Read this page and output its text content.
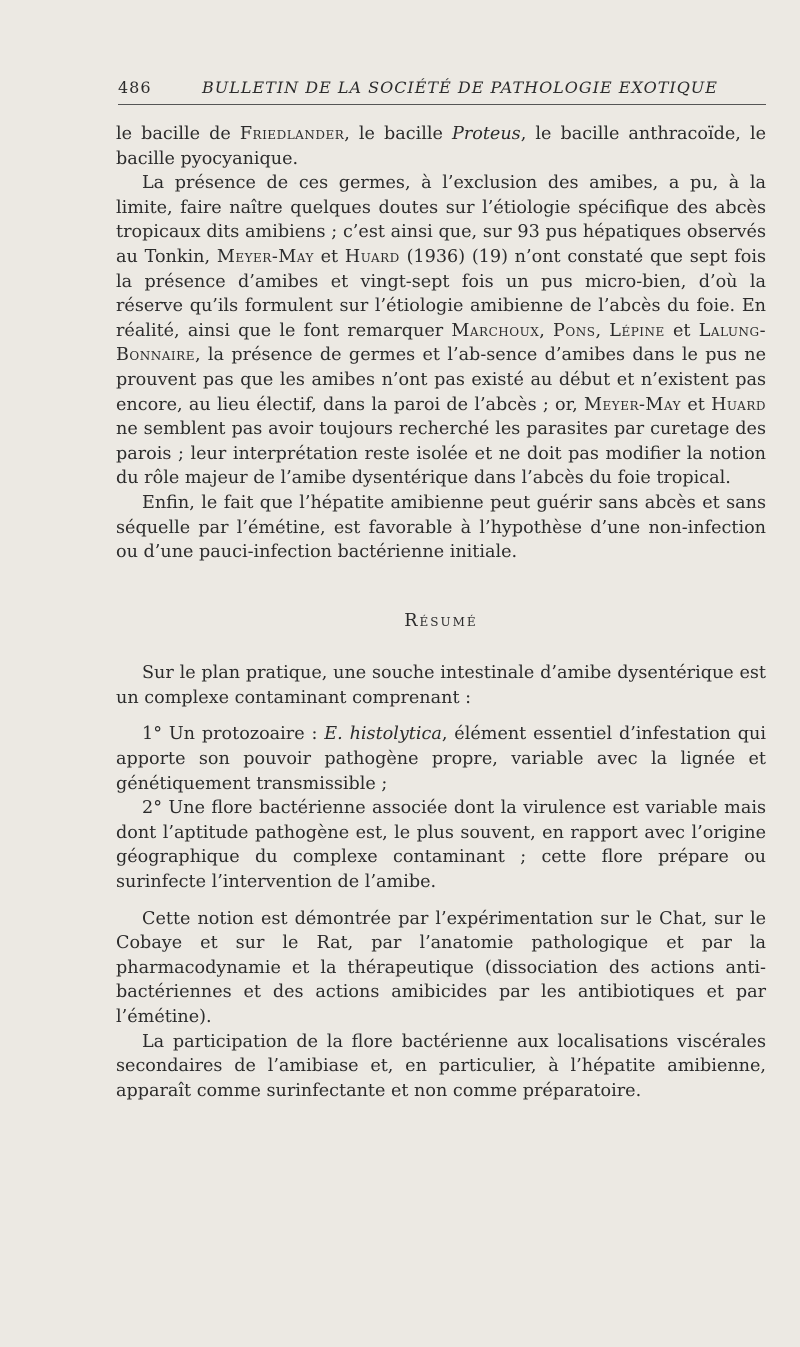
486	BULLETIN DE LA SOCIÉTÉ DE PATHOLOGIE EXOTIQUE

le bacille de Friedlander, le bacille Proteus, le bacille anthracoïde, le bacille pyocyanique.

La présence de ces germes, à l’exclusion des amibes, a pu, à la limite, faire naître quelques doutes sur l’étiologie spécifique des abcès tropicaux dits amibiens ; c’est ainsi que, sur 93 pus hépatiques observés au Tonkin, Meyer-May et Huard (1936) (19) n’ont constaté que sept fois la présence d’amibes et vingt-sept fois un pus micro-bien, d’où la réserve qu’ils formulent sur l’étiologie amibienne de l’abcès du foie. En réalité, ainsi que le font remarquer Marchoux, Pons, Lépine et Lalung-Bonnaire, la présence de germes et l’ab-sence d’amibes dans le pus ne prouvent pas que les amibes n’ont pas existé au début et n’existent pas encore, au lieu électif, dans la paroi de l’abcès ; or, Meyer-May et Huard ne semblent pas avoir toujours recherché les parasites par curetage des parois ; leur interprétation reste isolée et ne doit pas modifier la notion du rôle majeur de l’amibe dysentérique dans l’abcès du foie tropical.

Enfin, le fait que l’hépatite amibienne peut guérir sans abcès et sans séquelle par l’émétine, est favorable à l’hypothèse d’une non-infection ou d’une pauci-infection bactérienne initiale.

Résumé

Sur le plan pratique, une souche intestinale d’amibe dysentérique est un complexe contaminant comprenant :

1° Un protozoaire : E. histolytica, élément essentiel d’infestation qui apporte son pouvoir pathogène propre, variable avec la lignée et génétiquement transmissible ;

2° Une flore bactérienne associée dont la virulence est variable mais dont l’aptitude pathogène est, le plus souvent, en rapport avec l’origine géographique du complexe contaminant ; cette flore prépare ou surinfecte l’intervention de l’amibe.

Cette notion est démontrée par l’expérimentation sur le Chat, sur le Cobaye et sur le Rat, par l’anatomie pathologique et par la pharmacodynamie et la thérapeutique (dissociation des actions anti-bactériennes et des actions amibicides par les antibiotiques et par l’émétine).

La participation de la flore bactérienne aux localisations viscérales secondaires de l’amibiase et, en particulier, à l’hépatite amibienne, apparaît comme surinfectante et non comme préparatoire.
